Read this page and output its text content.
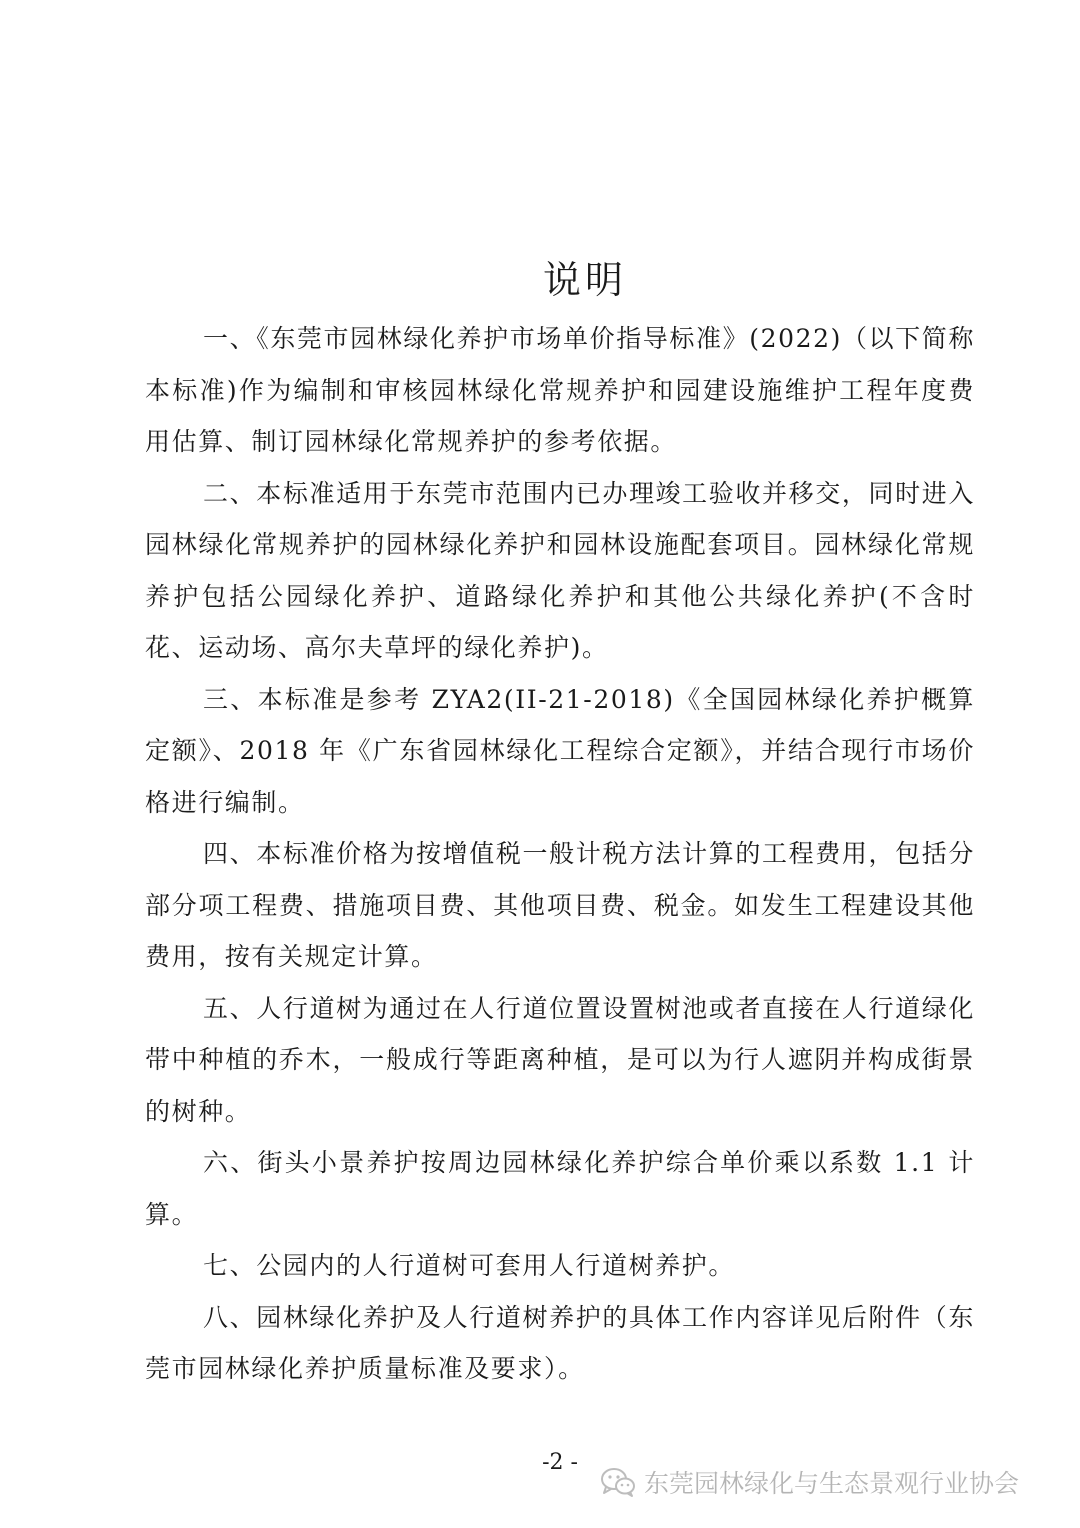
说明

一、《东莞市园林绿化养护市场单价指导标准》(2022)（以下简称本标准)作为编制和审核园林绿化常规养护和园建设施维护工程年度费用估算、制订园林绿化常规养护的参考依据。

二、本标准适用于东莞市范围内已办理竣工验收并移交，同时进入园林绿化常规养护的园林绿化养护和园林设施配套项目。园林绿化常规养护包括公园绿化养护、道路绿化养护和其他公共绿化养护(不含时花、运动场、高尔夫草坪的绿化养护)。

三、本标准是参考 ZYA2(II-21-2018)《全国园林绿化养护概算定额》、2018 年《广东省园林绿化工程综合定额》，并结合现行市场价格进行编制。

四、本标准价格为按增值税一般计税方法计算的工程费用，包括分部分项工程费、措施项目费、其他项目费、税金。如发生工程建设其他费用，按有关规定计算。

五、人行道树为通过在人行道位置设置树池或者直接在人行道绿化带中种植的乔木，一般成行等距离种植，是可以为行人遮阴并构成街景的树种。

六、街头小景养护按周边园林绿化养护综合单价乘以系数 1.1 计算。

七、公园内的人行道树可套用人行道树养护。

八、园林绿化养护及人行道树养护的具体工作内容详见后附件（东莞市园林绿化养护质量标准及要求）。

-2 -
东莞园林绿化与生态景观行业协会
